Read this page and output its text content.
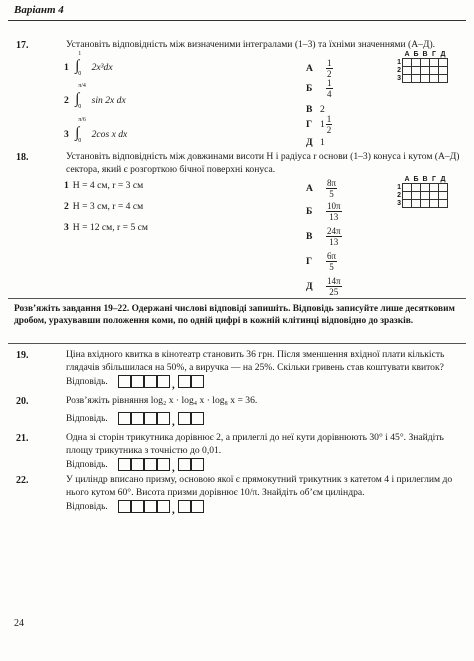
Варіант 4
17.	Установіть відповідність між визначеними інтегралами (1–3) та їхніми значеннями (А–Д).
1
1
∫
0
2x³dx
2
π/4
∫
0
sin 2x dx
3
π/6
∫
0
2cos x dx
А $\frac{1}{2}$
Б $\frac{1}{4}$
В 2
Г $1 \frac{1}{2}$
Д 1
	А	Б	В	Г	Д
1					
2					
3					
18.	Установіть відповідність між довжинами висоти H і радіуса r основи (1–3) конуса і кутом (А–Д) сектора, який є розгорткою бічної поверхні конуса.
1 H = 4 см, r = 3 см
2 H = 3 см, r = 4 см
3 H = 12 см, r = 5 см
А $\frac{8\pi}{5}$
Б $\frac{10\pi}{13}$
В $\frac{24\pi}{13}$
Г $\frac{6\pi}{5}$
Д $\frac{14\pi}{25}$
	А	Б	В	Г	Д
1					
2					
3					
Розв’яжіть завдання 19–22. Одержані числові відповіді запишіть. Відповідь записуйте лише десятковим дробом, урахувавши положення коми, по одній цифрі в кожній клітинці відповідно до зразків.
19.	Ціна вхідного квитка в кінотеатр становить 36 грн. Після зменшення вхідної плати кількість глядачів збільшилася на 50%, а виручка — на 25%. Скільки гривень став коштувати квиток?
Відповідь.	,
20.	Розв’яжіть рівняння log₂ x · log₄ x · log₈ x = 36.
Відповідь.	,
21.	Одна зі сторін трикутника дорівнює 2, а прилеглі до неї кути дорівнюють 30° і 45°. Знайдіть площу трикутника з точністю до 0,01.
Відповідь.	,
22.	У циліндр вписано призму, основою якої є прямокутний трикутник з катетом 4 і прилеглим до нього кутом 60°. Висота призми дорівнює 10/π. Знайдіть об’єм циліндра.
Відповідь.	,
24
